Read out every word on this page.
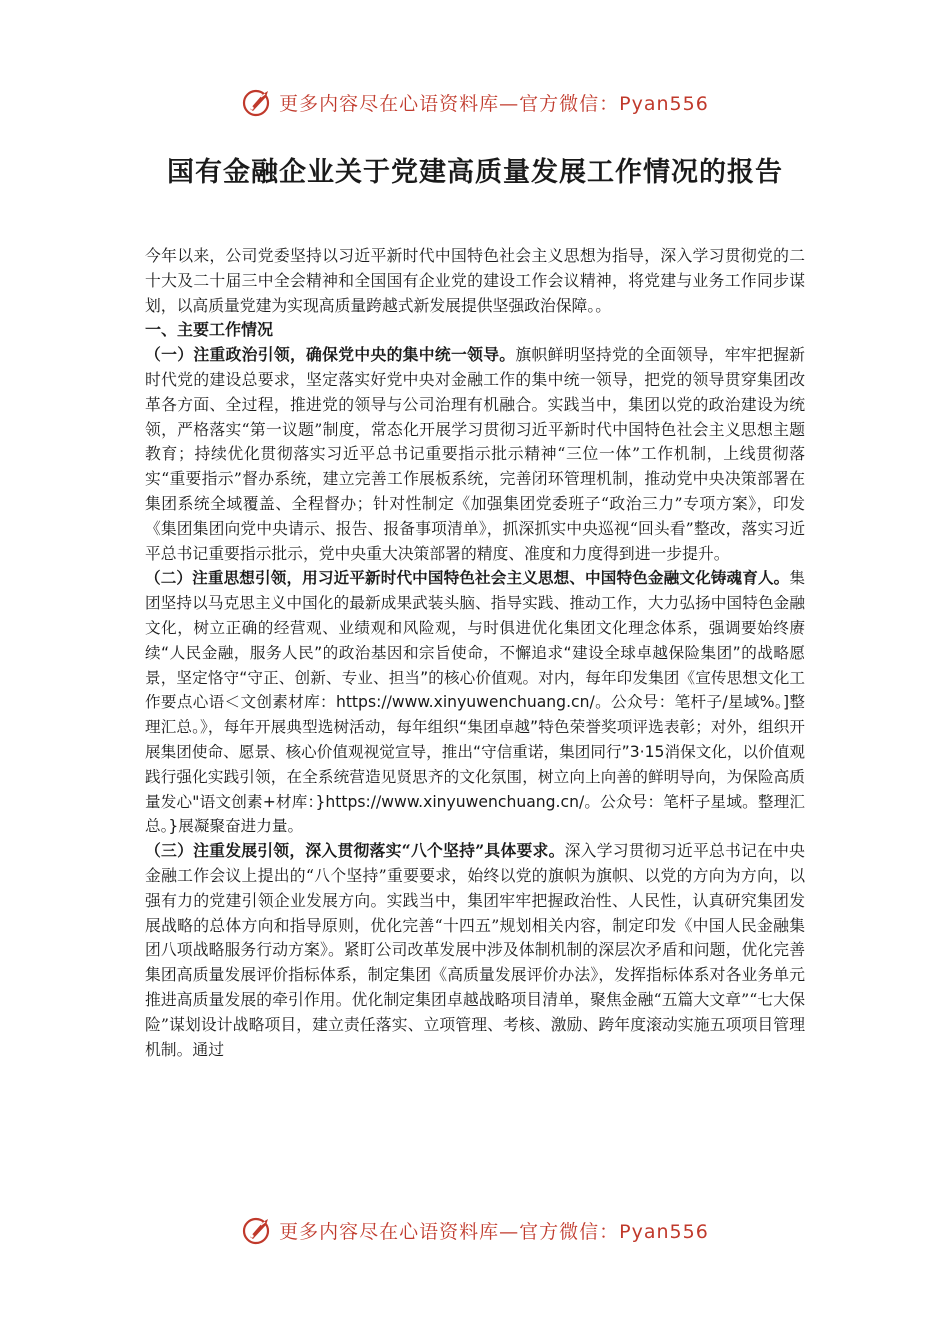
更多内容尽在心语资料库—官方微信：Pyan556
国有金融企业关于党建高质量发展工作情况的报告

今年以来，公司党委坚持以习近平新时代中国特色社会主义思想为指导，深入学习贯彻党的二十大及二十届三中全会精神和全国国有企业党的建设工作会议精神，将党建与业务工作同步谋划，以高质量党建为实现高质量跨越式新发展提供坚强政治保障。。

一、主要工作情况

（一）注重政治引领，确保党中央的集中统一领导。旗帜鲜明坚持党的全面领导，牢牢把握新时代党的建设总要求，坚定落实好党中央对金融工作的集中统一领导，把党的领导贯穿集团改革各方面、全过程，推进党的领导与公司治理有机融合。实践当中，集团以党的政治建设为统领，严格落实“第一议题”制度，常态化开展学习贯彻习近平新时代中国特色社会主义思想主题教育；持续优化贯彻落实习近平总书记重要指示批示精神“三位一体”工作机制，上线贯彻落实“重要指示”督办系统，建立完善工作展板系统，完善闭环管理机制，推动党中央决策部署在集团系统全域覆盖、全程督办；针对性制定《加强集团党委班子“政治三力”专项方案》，印发《集团集团向党中央请示、报告、报备事项清单》，抓深抓实中央巡视“回头看”整改，落实习近平总书记重要指示批示，党中央重大决策部署的精度、准度和力度得到进一步提升。

（二）注重思想引领，用习近平新时代中国特色社会主义思想、中国特色金融文化铸魂育人。集团坚持以马克思主义中国化的最新成果武装头脑、指导实践、推动工作，大力弘扬中国特色金融文化，树立正确的经营观、业绩观和风险观，与时俱进优化集团文化理念体系，强调要始终赓续“人民金融，服务人民”的政治基因和宗旨使命，不懈追求“建设全球卓越保险集团”的战略愿景，坚定恪守“守正、创新、专业、担当”的核心价值观。对内，每年印发集团《宣传思想文化工作要点心语＜文创素材库：https://www.xinyuwenchuang.cn/。公众号：笔杆子/星域%。]整理汇总。》，每年开展典型选树活动，每年组织“集团卓越”特色荣誉奖项评选表彰；对外，组织开展集团使命、愿景、核心价值观视觉宣导，推出“守信重诺，集团同行”3·15消保文化，以价值观践行强化实践引领，在全系统营造见贤思齐的文化氛围，树立向上向善的鲜明导向，为保险高质量发心"语文创素+材库：}https://www.xinyuwenchuang.cn/。公众号：笔杆子星域。整理汇总。}展凝聚奋进力量。

（三）注重发展引领，深入贯彻落实“八个坚持”具体要求。深入学习贯彻习近平总书记在中央金融工作会议上提出的“八个坚持”重要要求，始终以党的旗帜为旗帜、以党的方向为方向，以强有力的党建引领企业发展方向。实践当中，集团牢牢把握政治性、人民性，认真研究集团发展战略的总体方向和指导原则，优化完善“十四五”规划相关内容，制定印发《中国人民金融集团八项战略服务行动方案》。紧盯公司改革发展中涉及体制机制的深层次矛盾和问题，优化完善集团高质量发展评价指标体系，制定集团《高质量发展评价办法》，发挥指标体系对各业务单元推进高质量发展的牵引作用。优化制定集团卓越战略项目清单，聚焦金融“五篇大文章”“七大保险”谋划设计战略项目，建立责任落实、立项管理、考核、激励、跨年度滚动实施五项项目管理机制。通过

更多内容尽在心语资料库—官方微信：Pyan556
